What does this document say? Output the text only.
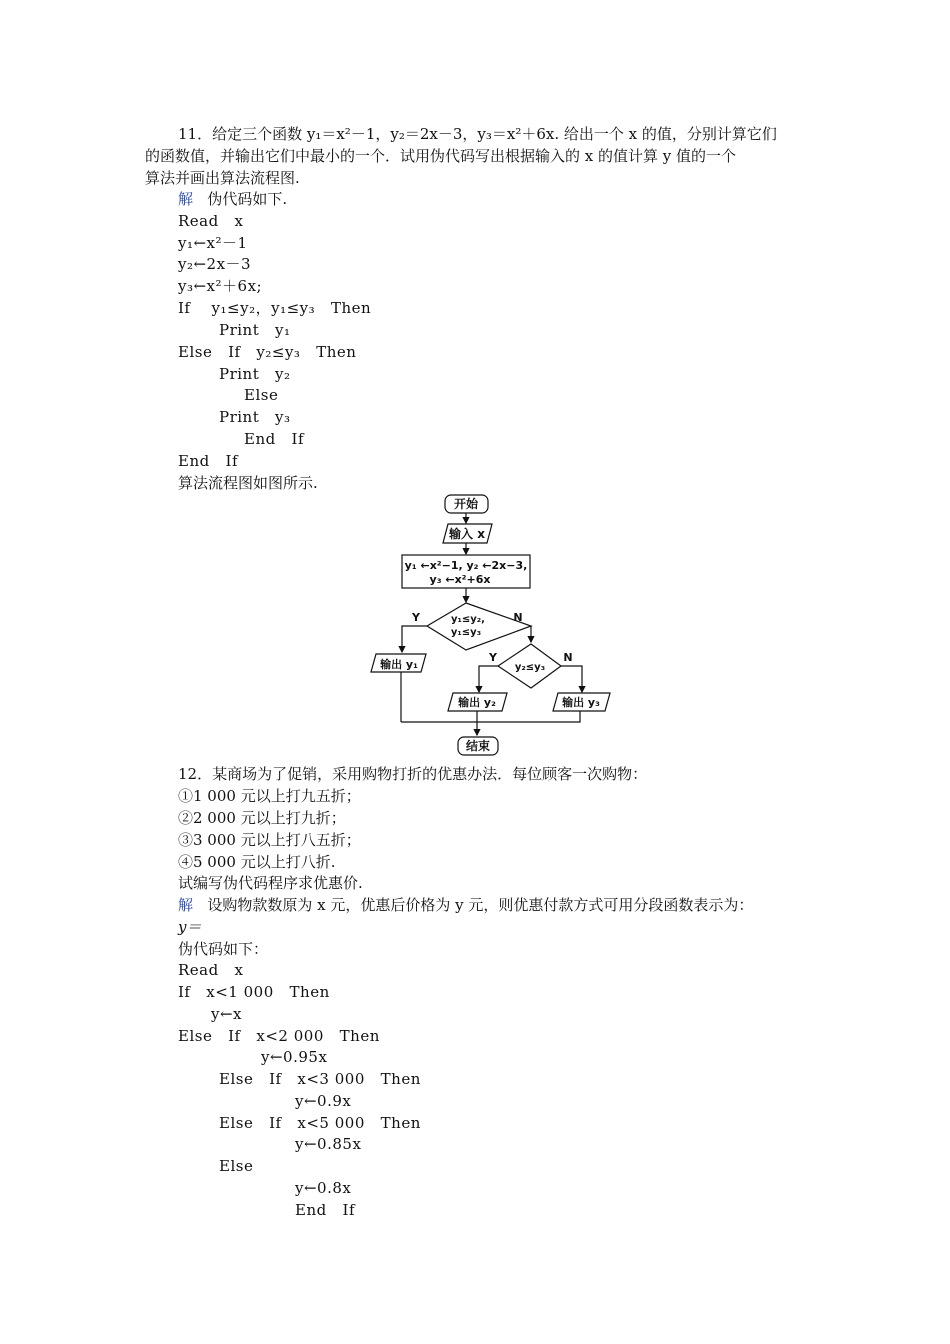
11．给定三个函数 y₁＝x²－1，y₂＝2x－3，y₃＝x²＋6x. 给出一个 x 的值，分别计算它们
的函数值，并输出它们中最小的一个．试用伪代码写出根据输入的 x 的值计算 y 值的一个
算法并画出算法流程图.
解 伪代码如下.
Read   x
y₁←x²－1
y₂←2x－3
y₃←x²＋6x;
If    y₁≤y₂，y₁≤y₃   Then
Print   y₁
Else   If   y₂≤y₃   Then
Print   y₂
Else
Print   y₃
End   If
End   If
算法流程图如图所示.
开始
输入 x
y₁ ←x²−1, y₂ ←2x−3,
y₃ ←x²+6x
y₁≤y₂,
y₁≤y₃
Y	N
输出 y₁	y₂≤y₃
Y	N
输出 y₂	输出 y₃
结束
12．某商场为了促销，采用购物打折的优惠办法．每位顾客一次购物：
①1 000 元以上打九五折；
②2 000 元以上打九折；
③3 000 元以上打八五折；
④5 000 元以上打八折.
试编写伪代码程序求优惠价.
解 设购物款数原为 x 元，优惠后价格为 y 元，则优惠付款方式可用分段函数表示为：
y＝
伪代码如下：
Read   x
If   x<1 000   Then
y←x
Else   If   x<2 000   Then
y←0.95x
Else   If   x<3 000   Then
y←0.9x
Else   If   x<5 000   Then
y←0.85x
Else
y←0.8x
End   If
